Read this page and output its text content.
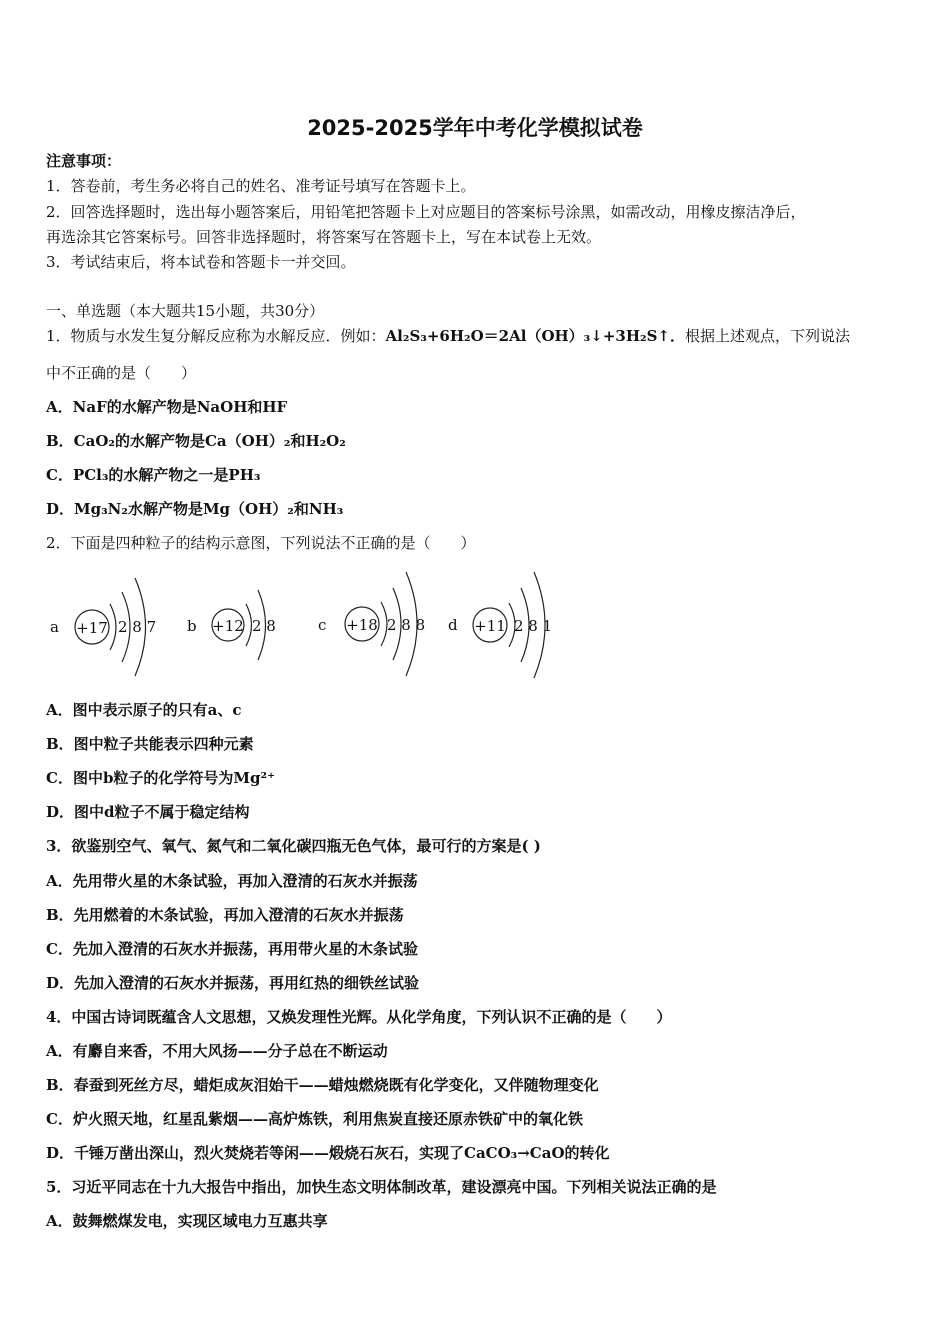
2025-2025学年中考化学模拟试卷
注意事项：
1．答卷前，考生务必将自己的姓名、准考证号填写在答题卡上。
2．回答选择题时，选出每小题答案后，用铅笔把答题卡上对应题目的答案标号涂黑，如需改动，用橡皮擦洁净后，
再选涂其它答案标号。回答非选择题时，将答案写在答题卡上，写在本试卷上无效。
3．考试结束后，将本试卷和答题卡一并交回。
一、单选题（本大题共15小题，共30分）
1．物质与水发生复分解反应称为水解反应．例如：Al₂S₃+6H₂O＝2Al（OH）₃↓+3H₂S↑．根据上述观点，下列说法
中不正确的是（　　）
A．NaF的水解产物是NaOH和HF
B．CaO₂的水解产物是Ca（OH）₂和H₂O₂
C．PCl₃的水解产物之一是PH₃
D．Mg₃N₂水解产物是Mg（OH）₂和NH₃
2．下面是四种粒子的结构示意图，下列说法不正确的是（　　）
a +17 2 8 7 b +12 2 8	c +18 2 8 8 d +11 2 8 1
A．图中表示原子的只有a、c
B．图中粒子共能表示四种元素
C．图中b粒子的化学符号为Mg²⁺
D．图中d粒子不属于稳定结构
3．欲鉴别空气、氧气、氮气和二氧化碳四瓶无色气体，最可行的方案是( )
A．先用带火星的木条试验，再加入澄清的石灰水并振荡
B．先用燃着的木条试验，再加入澄清的石灰水并振荡
C．先加入澄清的石灰水并振荡，再用带火星的木条试验
D．先加入澄清的石灰水并振荡，再用红热的细铁丝试验
4．中国古诗词既蕴含人文思想，又焕发理性光辉。从化学角度，下列认识不正确的是（　　）
A．有麝自来香，不用大风扬——分子总在不断运动
B．春蚕到死丝方尽，蜡炬成灰泪始干——蜡烛燃烧既有化学变化，又伴随物理变化
C．炉火照天地，红星乱紫烟——高炉炼铁，利用焦炭直接还原赤铁矿中的氧化铁
D．千锤万凿出深山，烈火焚烧若等闲——煅烧石灰石，实现了CaCO₃→CaO的转化
5．习近平同志在十九大报告中指出，加快生态文明体制改革，建设漂亮中国。下列相关说法正确的是
A．鼓舞燃煤发电，实现区域电力互惠共享
